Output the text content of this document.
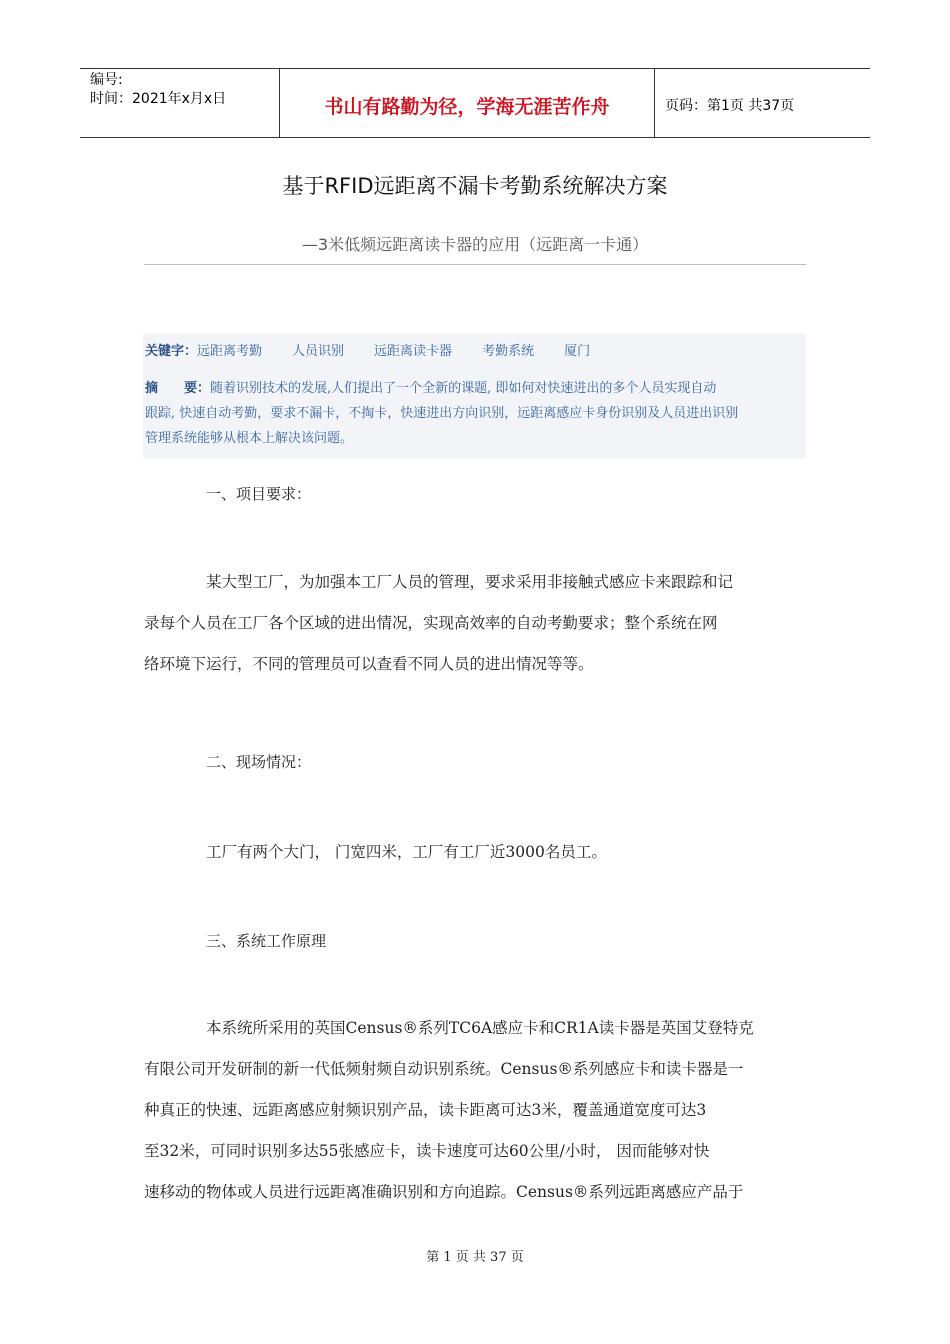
编号:
时间：2021年x月x日	书山有路勤为径，学海无涯苦作舟	页码：第1页 共37页
基于RFID远距离不漏卡考勤系统解决方案
—3米低频远距离读卡器的应用（远距离一卡通）
关键字： 远距离考勤 人员识别 远距离读卡器 考勤系统 厦门
摘　　要：随着识别技术的发展,人们提出了一个全新的课题, 即如何对快速进出的多个人员实现自动
跟踪, 快速自动考勤，要求不漏卡，不掏卡，快速进出方向识别，远距离感应卡身份识别及人员进出识别
管理系统能够从根本上解决该问题。
一、项目要求：
某大型工厂，为加强本工厂人员的管理，要求采用非接触式感应卡来跟踪和记
录每个人员在工厂各个区域的进出情况，实现高效率的自动考勤要求；整个系统在网
络环境下运行，不同的管理员可以查看不同人员的进出情况等等。
二、现场情况：
工厂有两个大门， 门宽四米，工厂有工厂近3000名员工。
三、系统工作原理
本系统所采用的英国Census®系列TC6A感应卡和CR1A读卡器是英国艾登特克
有限公司开发研制的新一代低频射频自动识别系统。Census®系列感应卡和读卡器是一
种真正的快速、远距离感应射频识别产品，读卡距离可达3米，覆盖通道宽度可达3
至32米，可同时识别多达55张感应卡，读卡速度可达60公里/小时， 因而能够对快
速移动的物体或人员进行远距离准确识别和方向追踪。Census®系列远距离感应产品于
第 1 页 共 37 页
